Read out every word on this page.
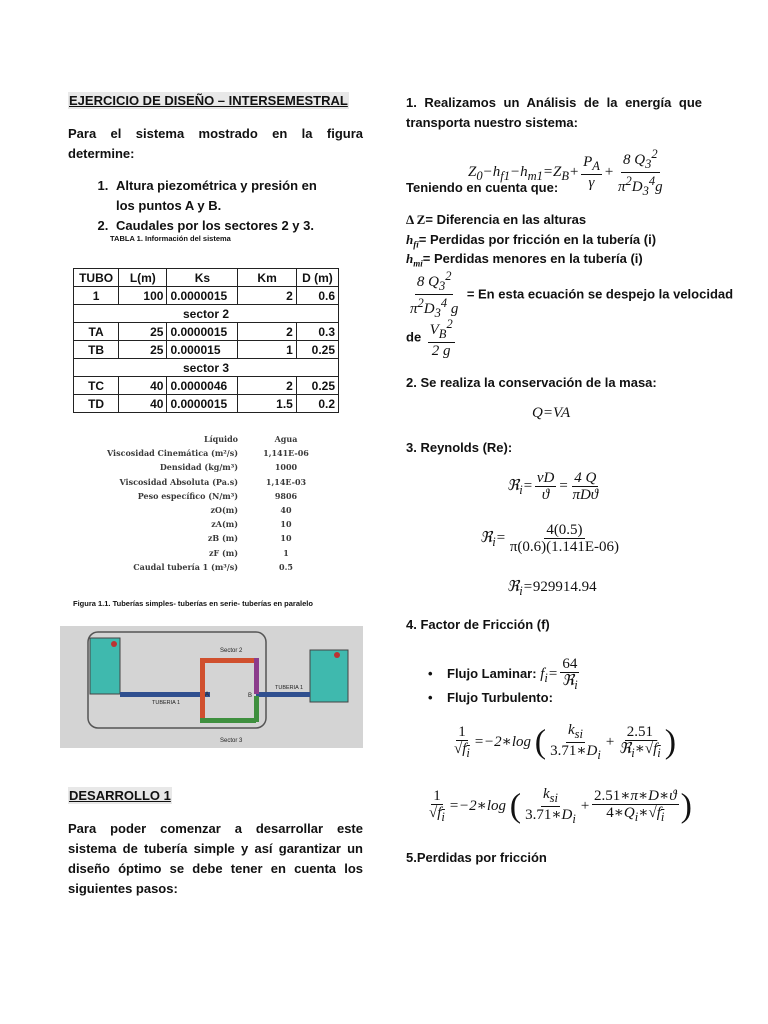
EJERCICIO DE DISEÑO – INTERSEMESTRAL
Para el sistema mostrado en la figura determine:
1. Altura piezométrica y presión en los puntos A y B.
2. Caudales por los sectores 2 y 3.
TABLA 1. Información del sistema
TUBO	L(m)	Ks	Km	D (m)
1	100	0.0000015	2	0.6
sector 2				
TA	25	0.0000015	2	0.3
TB	25	0.000015	1	0.25
sector 3				
TC	40	0.0000046	2	0.25
TD	40	0.0000015	1.5	0.2
Líquido	Agua
Viscosidad Cinemática (m²/s)	1,141E-06
Densidad (kg/m³)	1000
Viscosidad Absoluta (Pa.s)	1,14E-03
Peso específico (N/m³)	9806
zO(m)	40
zA(m)	10
zB (m)	10
zF (m)	1
Caudal tubería 1 (m³/s)	0.5
Figura 1.1. Tuberías simples- tuberías en serie- tuberías en paralelo
Sector 2
Sector 3
TUBERIA 1
TUBERIA 1
A	B
DESARROLLO 1
Para poder comenzar a desarrollar este sistema de tubería simple y así garantizar un diseño óptimo se debe tener en cuenta los siguientes pasos:
1. Realizamos un Análisis de la energía que transporta nuestro sistema:
$Z_0-h_{f1}-h_{m1}=Z_B+ \frac{P_A}{\gamma} + \frac{8 Q_3^2}{\pi^2D_3^4g}$
Teniendo en cuenta que:
Δ Z= Diferencia en las alturas
$h_{fi}=$ Perdidas por fricción en la tubería (i)
$h_{mi}=$ Perdidas menores en la tubería (i)
$\frac{8 Q_3^2}{\pi^2D_3^4 g} = En$ esta ecuación se despejo la velocidad
de $\frac{V_B^2}{2 g}$
2. Se realiza la conservación de la masa:
Q=VA
3. Reynolds (Re):
ℜ$_i$= $\frac{vD}{ϑ} = \frac{4 Q}{\text{πDϑ}}$
ℜ$_i$= $\frac{4(0.5)}{\pi(0.6)(1.141E-06)}$
ℜ$_i$=929914.94
4. Factor de Fricción (f)
•    Flujo Laminar: $f_i= \frac{64}{ℜ_i}$
•    Flujo Turbulento:
$\frac{1}{√f_i}$ =−2∗log ( $\frac{k_{si}}{3.71∗D_i} + \frac{2.51}{ℜ_i∗√f_i}$ )
$\frac{1}{√f_i}$ =−2∗log ( $\frac{k_{si}}{3.71∗D_i} + \frac{2.51∗\pi∗D∗ϑ}{4∗Q_i∗√f_i}$ )
5.Perdidas por fricción
